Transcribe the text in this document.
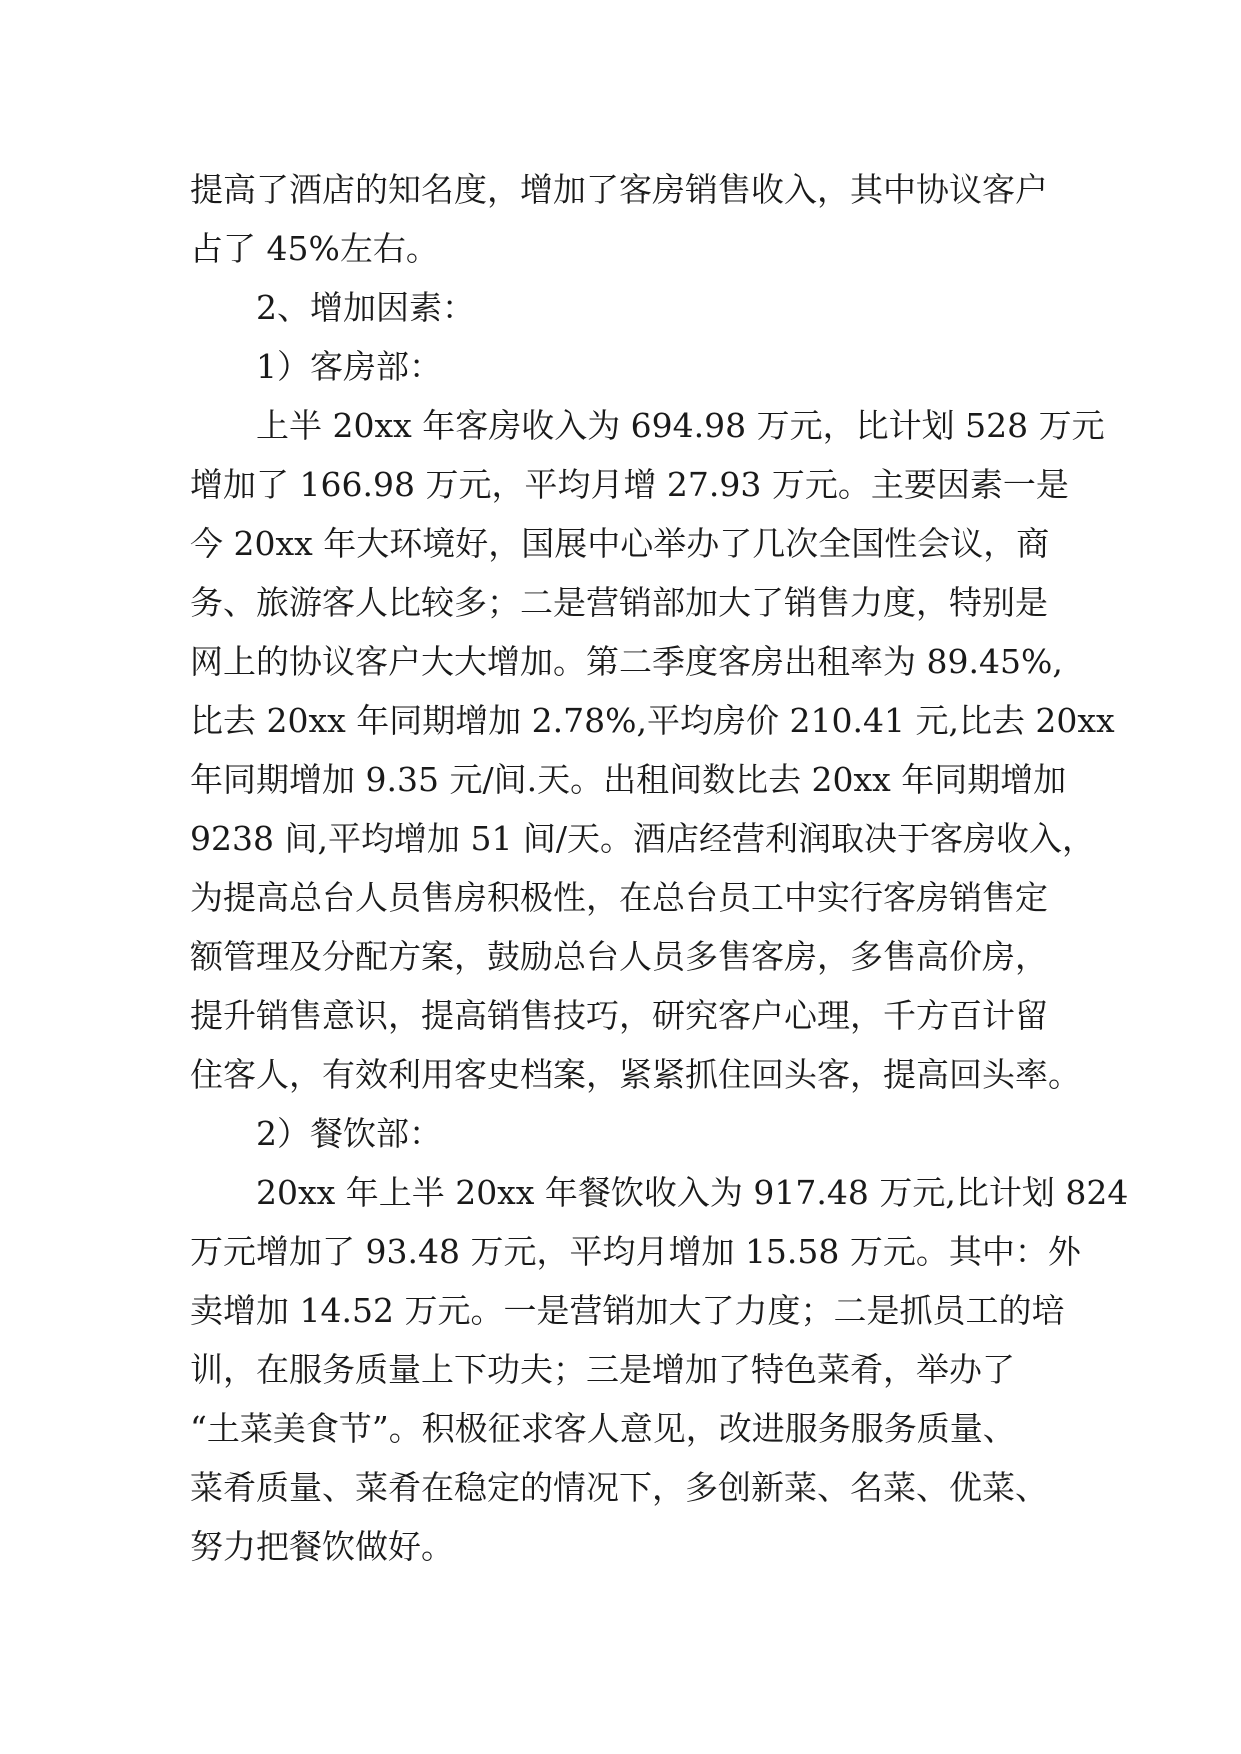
提高了酒店的知名度，增加了客房销售收入，其中协议客户
占了 45%左右。
2、增加因素：
1）客房部：
上半 20xx 年客房收入为 694.98 万元，比计划 528 万元
增加了 166.98 万元，平均月增 27.93 万元。主要因素一是
今 20xx 年大环境好，国展中心举办了几次全国性会议，商
务、旅游客人比较多；二是营销部加大了销售力度，特别是
网上的协议客户大大增加。第二季度客房出租率为 89.45%,
比去 20xx 年同期增加 2.78%,平均房价 210.41 元,比去 20xx
年同期增加 9.35 元/间.天。出租间数比去 20xx 年同期增加
9238 间,平均增加 51 间/天。酒店经营利润取决于客房收入，
为提高总台人员售房积极性，在总台员工中实行客房销售定
额管理及分配方案，鼓励总台人员多售客房，多售高价房，
提升销售意识，提高销售技巧，研究客户心理，千方百计留
住客人，有效利用客史档案，紧紧抓住回头客，提高回头率。
2）餐饮部：
20xx 年上半 20xx 年餐饮收入为 917.48 万元,比计划 824
万元增加了 93.48 万元，平均月增加 15.58 万元。其中：外
卖增加 14.52 万元。一是营销加大了力度；二是抓员工的培
训，在服务质量上下功夫；三是增加了特色菜肴，举办了
“土菜美食节”。积极征求客人意见，改进服务服务质量、
菜肴质量、菜肴在稳定的情况下，多创新菜、名菜、优菜、
努力把餐饮做好。
